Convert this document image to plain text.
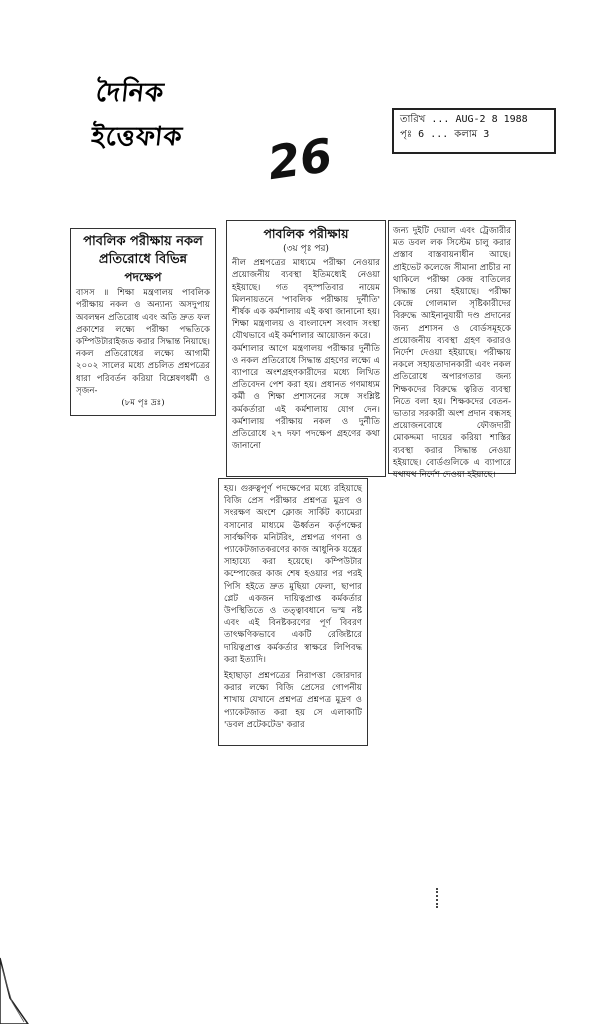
দৈনিক ইত্তেফাক
তারিখ ... AUG-2 8 1988
পৃঃ 6 ... কলাম 3
26
পাবলিক পরীক্ষায় নকল প্রতিরোধে বিভিন্ন
পদক্ষেপ

বাসস ॥ শিক্ষা মন্ত্রণালয় পাবলিক পরীক্ষায় নকল ও অন্যান্য অসদুপায় অবলম্বন প্রতিরোধ এবং অতি দ্রুত ফল প্রকাশের লক্ষ্যে পরীক্ষা পদ্ধতিকে কম্পিউটারাইজড করার সিদ্ধান্ত নিয়াছে। নকল প্রতিরোধের লক্ষ্যে আগামী ২০০২ সালের মধ্যে প্রচলিত প্রশ্নপত্রের ধারা পরিবর্তন করিয়া বিশ্লেষণধর্মী ও সৃজন-

(৮ম পৃঃ দ্রঃ)

পাবলিক পরীক্ষায়
(৩য় পৃঃ পর)

নীল প্রশ্নপত্রের মাধ্যমে পরীক্ষা নেওয়ার প্রয়োজনীয় ব্যবস্থা ইতিমধ্যেই নেওয়া হইয়াছে। গত বৃহস্পতিবার নায়েম মিলনায়তনে 'পাবলিক পরীক্ষায় দুর্নীতি' শীর্ষক এক কর্মশালায় এই কথা জানানো হয়। শিক্ষা মন্ত্রণালয় ও বাংলাদেশ সংবাদ সংস্থা যৌথভাবে এই কর্মশালার আয়োজন করে।

কর্মশালার আগে মন্ত্রণালয় পরীক্ষার দুর্নীতি ও নকল প্রতিরোধে সিদ্ধান্ত গ্রহণের লক্ষ্যে এ ব্যাপারে অংশগ্রহণকারীদের মধ্যে লিখিত প্রতিবেদন পেশ করা হয়। প্রধানত গণমাধ্যম কর্মী ও শিক্ষা প্রশাসনের সঙ্গে সংশ্লিষ্ট কর্মকর্তারা এই কর্মশালায় যোগ দেন। কর্মশালায় পরীক্ষায় নকল ও দুর্নীতি প্রতিরোধে ২৭ দফা পদক্ষেপ গ্রহণের কথা জানানো

জন্য দুইটি দেয়াল এবং ট্রেজারীর মত ডবল লক সিস্টেম চালু করার প্রস্তাব বাস্তবায়নাধীন আছে। প্রাইভেট কলেজে সীমানা প্রাচীর না থাকিলে পরীক্ষা কেন্দ্র বাতিলের সিদ্ধান্ত নেয়া হইয়াছে। পরীক্ষা কেন্দ্রে গোলমাল সৃষ্টিকারীদের বিরুদ্ধে আইনানুযায়ী দণ্ড প্রদানের জন্য প্রশাসন ও বোর্ডসমূহকে প্রয়োজনীয় ব্যবস্থা গ্রহণ করারও নির্দেশ দেওয়া হইয়াছে। পরীক্ষায় নকলে সহায়তাদানকারী এবং নকল প্রতিরোধে অপারগতার জন্য শিক্ষকদের বিরুদ্ধে ত্বরিত ব্যবস্থা নিতে বলা হয়। শিক্ষকদের বেতন-ভাতার সরকারী অংশ প্রদান বন্ধসহ প্রয়োজনবোধে ফৌজদারী মোকদ্দমা দায়ের করিয়া শাস্তির ব্যবস্থা করার সিদ্ধান্ত নেওয়া হইয়াছে। বোর্ডগুলিকে এ ব্যাপারে যথাযথ নির্দেশ দেওয়া হইয়াছে।

হয়। গুরুত্বপূর্ণ পদক্ষেপের মধ্যে রহিয়াছে বিজি প্রেস পরীক্ষার প্রশ্নপত্র মুদ্রণ ও সংরক্ষণ অংশে ক্লোজ সার্কিট ক্যামেরা বসানোর মাধ্যমে ঊর্ধ্বতন কর্তৃপক্ষের সার্বক্ষণিক মনিটরিং, প্রশ্নপত্র গণনা ও প্যাকেটজাতকরণের কাজ আধুনিক যন্ত্রের সাহায্যে করা হয়েছে। কম্পিউটার কম্পোজের কাজ শেষ হওয়ার পর পরই পিসি হইতে দ্রুত মুছিয়া ফেলা, ছাপার প্লেট একজন দায়িত্বপ্রাপ্ত কর্মকর্তার উপস্থিতিতে ও তত্ত্বাবধানে ভস্ম নষ্ট এবং এই বিনষ্টকরণের পূর্ণ বিবরণ তাৎক্ষণিকভাবে একটি রেজিষ্টারে দায়িত্বপ্রাপ্ত কর্মকর্তার স্বাক্ষরে লিপিবদ্ধ করা ইত্যাদি।

ইহাছাড়া প্রশ্নপত্রের নিরাপত্তা জোরদার করার লক্ষ্যে বিজি প্রেসের গোপনীয় শাখায় যেখানে প্রশ্নপত্র প্রশ্নপত্র মুদ্রণ ও প্যাকেটজাত করা হয় সে এলাকাটি 'ডবল প্রটেকটেড' করার
